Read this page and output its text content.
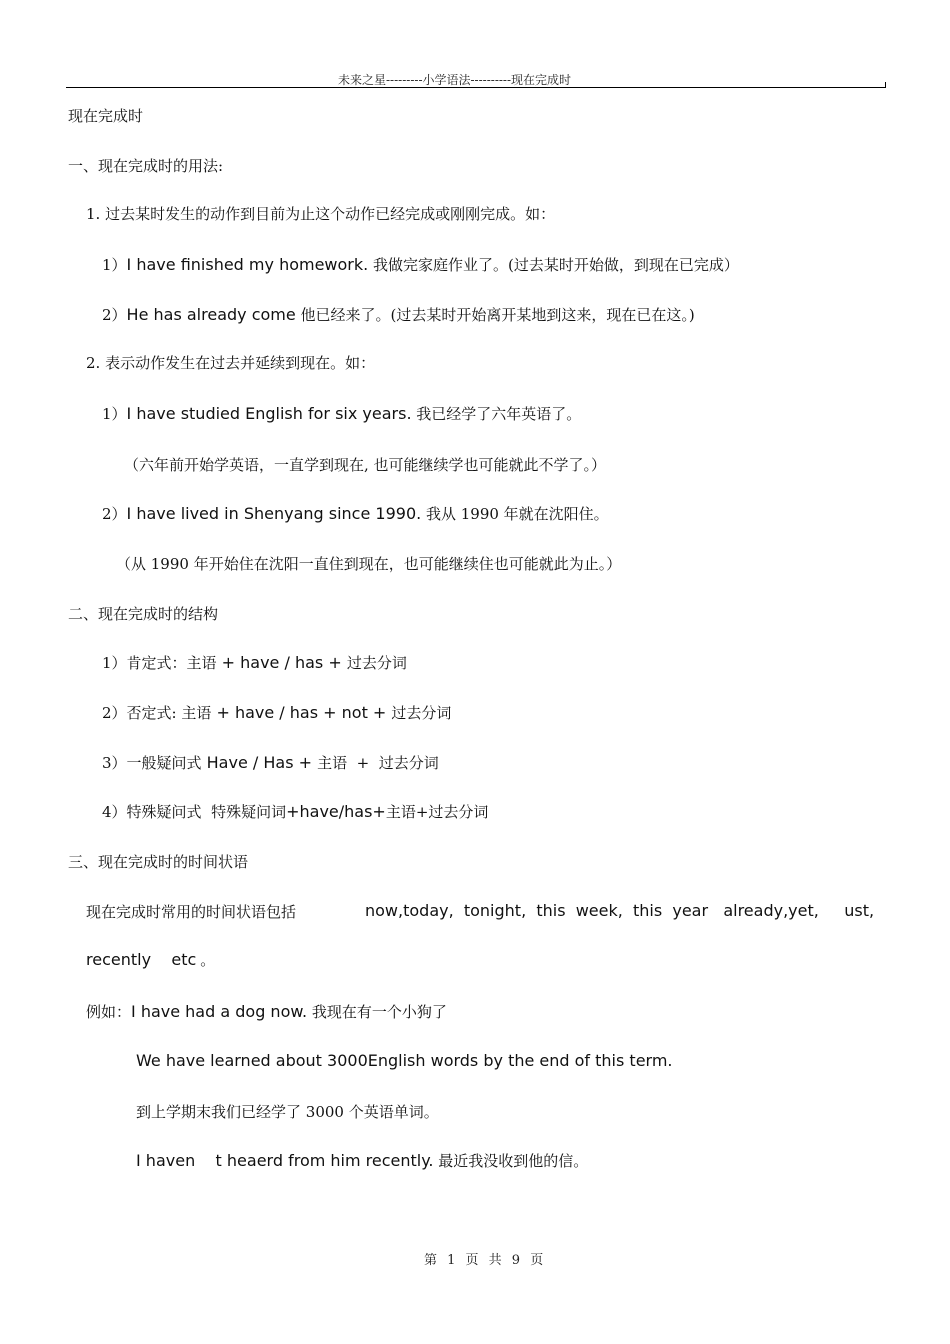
未来之星---------小学语法----------现在完成时
现在完成时
一、现在完成时的用法:
1. 过去某时发生的动作到目前为止这个动作已经完成或刚刚完成。如：
1）I have finished my homework. 我做完家庭作业了。(过去某时开始做，到现在已完成）
2）He has already come 他已经来了。(过去某时开始离开某地到这来，现在已在这。)
2. 表示动作发生在过去并延续到现在。如：
1）I have studied English for six years. 我已经学了六年英语了。
（六年前开始学英语，一直学到现在, 也可能继续学也可能就此不学了。）
2）I have lived in Shenyang since 1990. 我从 1990 年就在沈阳住。
（从 1990 年开始住在沈阳一直住到现在，也可能继续住也可能就此为止。）
二、现在完成时的结构
1）肯定式：主语 + have / has + 过去分词
2）否定式: 主语 + have / has + not + 过去分词
3）一般疑问式 Have / Has + 主语  +  过去分词
4）特殊疑问式  特殊疑问词+have/has+主语+过去分词
三、现在完成时的时间状语
现在完成时常用的时间状语包括	now,today,  tonight,  this  week,  this  year   already,yet,     ust,
recently    etc 。
例如：I have had a dog now. 我现在有一个小狗了
We have learned about 3000English words by the end of this term.
到上学期末我们已经学了 3000 个英语单词。
I haven    t heaerd from him recently. 最近我没收到他的信。
第 1 页 共 9 页
